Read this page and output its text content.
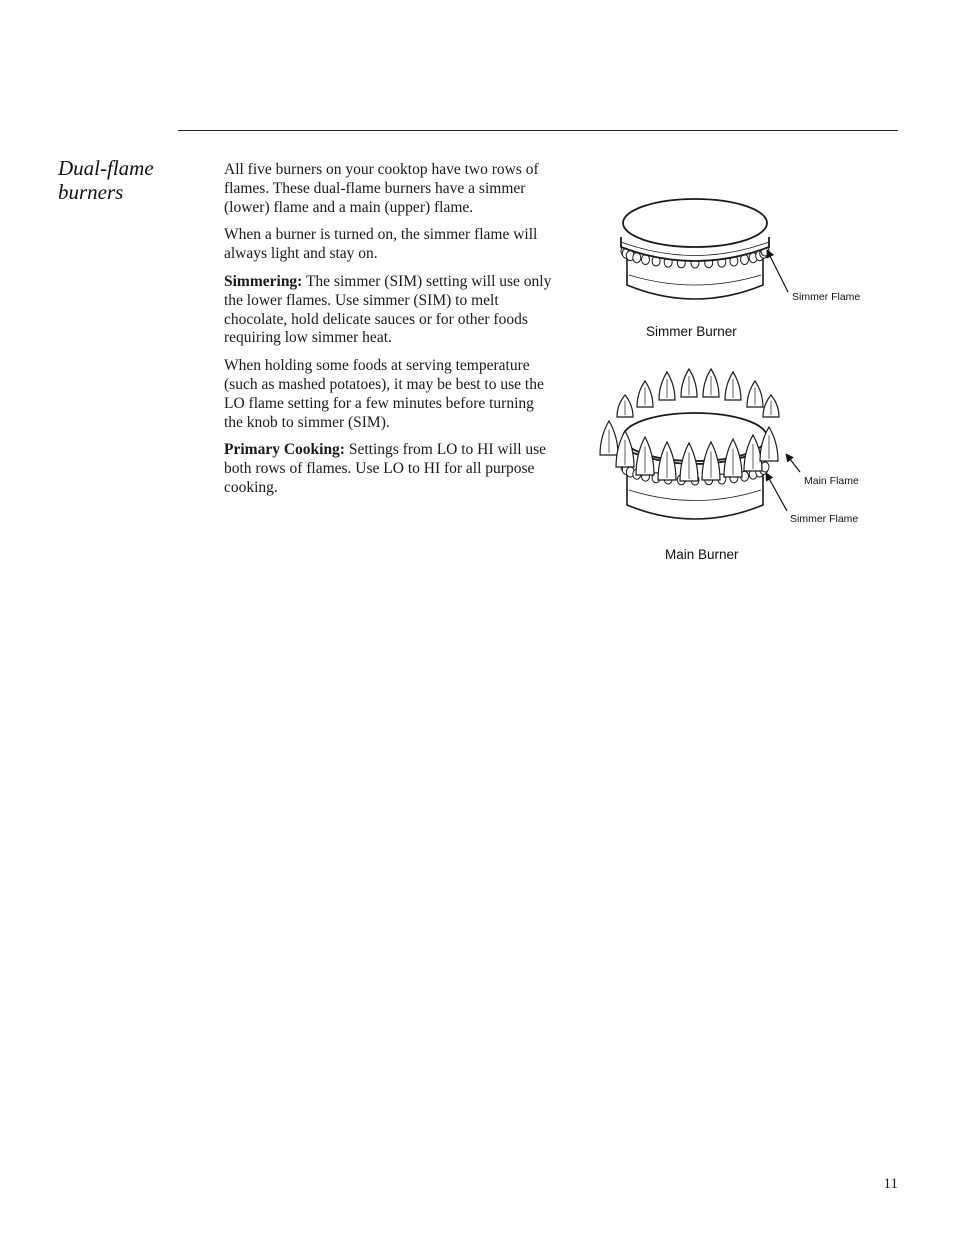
Dual-flame
burners

All five burners on your cooktop have two rows of flames. These dual-flame burners have a simmer (lower) flame and a main (upper) flame.

When a burner is turned on, the simmer flame will always light and stay on.

Simmering: The simmer (SIM) setting will use only the lower flames. Use simmer (SIM) to melt chocolate, hold delicate sauces or for other foods requiring low simmer heat.

When holding some foods at serving temperature (such as mashed potatoes), it may be best to use the LO flame setting for a few minutes before turning the knob to simmer (SIM).

Primary Cooking: Settings from LO to HI will use both rows of flames. Use LO to HI for all purpose cooking.

Simmer Flame
Simmer Burner
Main Flame
Simmer Flame
Main Burner
11
